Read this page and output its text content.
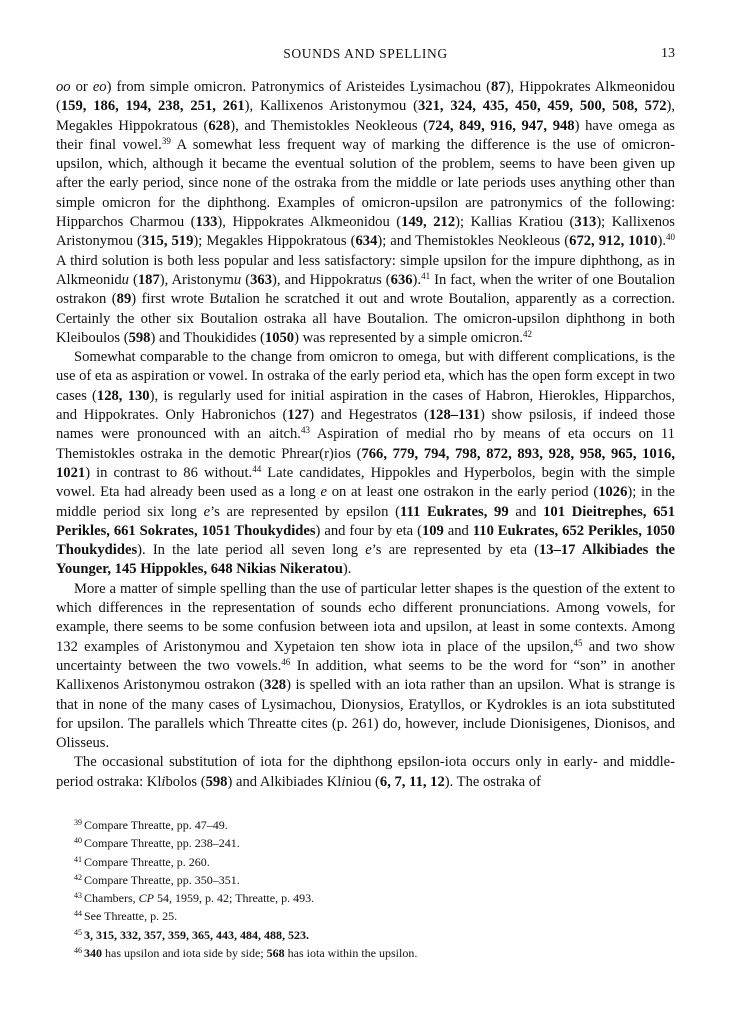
SOUNDS AND SPELLING	13

oo or eo) from simple omicron. Patronymics of Aristeides Lysimachou (87), Hippokrates Alkmeonidou (159, 186, 194, 238, 251, 261), Kallixenos Aristonymou (321, 324, 435, 450, 459, 500, 508, 572), Megakles Hippokratous (628), and Themistokles Neokleous (724, 849, 916, 947, 948) have omega as their final vowel.$^{39}$ A somewhat less frequent way of marking the difference is the use of omicron-upsilon, which, although it became the eventual solution of the problem, seems to have been given up after the early period, since none of the ostraka from the middle or late periods uses anything other than simple omicron for the diphthong. Examples of omicron-upsilon are patronymics of the following: Hipparchos Charmou (133), Hippokrates Alkmeonidou (149, 212); Kallias Kratiou (313); Kallixenos Aristonymou (315, 519); Megakles Hippokratous (634); and Themistokles Neokleous (672, 912, 1010).$^{40}$ A third solution is both less popular and less satisfactory: simple upsilon for the impure diphthong, as in Alkmeonidu (187), Aristonymu (363), and Hippokratus (636).$^{41}$ In fact, when the writer of one Boutalion ostrakon (89) first wrote Butalion he scratched it out and wrote Boutalion, apparently as a correction. Certainly the other six Boutalion ostraka all have Boutalion. The omicron-upsilon diphthong in both Kleiboulos (598) and Thoukidides (1050) was represented by a simple omicron.$^{42}$

Somewhat comparable to the change from omicron to omega, but with different complications, is the use of eta as aspiration or vowel. In ostraka of the early period eta, which has the open form except in two cases (128, 130), is regularly used for initial aspiration in the cases of Habron, Hierokles, Hipparchos, and Hippokrates. Only Habronichos (127) and Hegestratos (128–131) show psilosis, if indeed those names were pronounced with an aitch.$^{43}$ Aspiration of medial rho by means of eta occurs on 11 Themistokles ostraka in the demotic Phrear(r)ios (766, 779, 794, 798, 872, 893, 928, 958, 965, 1016, 1021) in contrast to 86 without.$^{44}$ Late candidates, Hippokles and Hyperbolos, begin with the simple vowel. Eta had already been used as a long e on at least one ostrakon in the early period (1026); in the middle period six long e’s are represented by epsilon (111 Eukrates, 99 and 101 Dieitrephes, 651 Perikles, 661 Sokrates, 1051 Thoukydides) and four by eta (109 and 110 Eukrates, 652 Perikles, 1050 Thoukydides). In the late period all seven long e’s are represented by eta (13–17 Alkibiades the Younger, 145 Hippokles, 648 Nikias Nikeratou).

More a matter of simple spelling than the use of particular letter shapes is the question of the extent to which differences in the representation of sounds echo different pronunciations. Among vowels, for example, there seems to be some confusion between iota and upsilon, at least in some contexts. Among 132 examples of Aristonymou and Xypetaion ten show iota in place of the upsilon,$^{45}$ and two show uncertainty between the two vowels.$^{46}$ In addition, what seems to be the word for “son” in another Kallixenos Aristonymou ostrakon (328) is spelled with an iota rather than an upsilon. What is strange is that in none of the many cases of Lysimachou, Dionysios, Eratyllos, or Kydrokles is an iota substituted for upsilon. The parallels which Threatte cites (p. 261) do, however, include Dionisigenes, Dionisos, and Olisseus.

The occasional substitution of iota for the diphthong epsilon-iota occurs only in early- and middle-period ostraka: Klibolos (598) and Alkibiades Kliniou (6, 7, 11, 12). The ostraka of

$^{39}$ Compare Threatte, pp. 47–49.
$^{40}$ Compare Threatte, pp. 238–241.
$^{41}$ Compare Threatte, p. 260.
$^{42}$ Compare Threatte, pp. 350–351.
$^{43}$ Chambers, CP 54, 1959, p. 42; Threatte, p. 493.
$^{44}$ See Threatte, p. 25.
$^{45}$ 3, 315, 332, 357, 359, 365, 443, 484, 488, 523.
$^{46}$ 340 has upsilon and iota side by side; 568 has iota within the upsilon.
